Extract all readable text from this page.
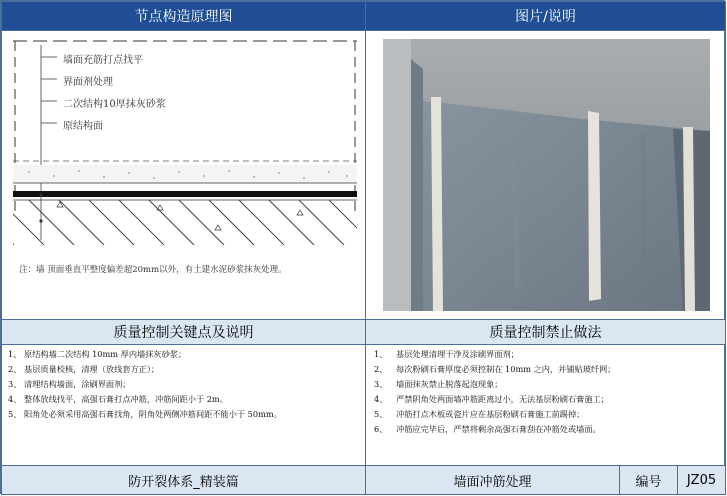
节点构造原理图	图片/说明
墙面充筋打点找平
界面剂处理
二次结构10厚抹灰砂浆
原结构面
注：墙 顶面垂直平整度偏差超20mm以外，有土建水泥砂浆抹灰处理。
质量控制关键点及说明	质量控制禁止做法
1、 原结构墙二次结构 10mm 厚内墙抹灰砂浆；
2、 基层质量校核，清理（放线套方正）；
3、 清理结构墙面，涂刷界面剂；
4、 整体放线找平，高强石膏打点冲筋，冲筋间距小于 2m。
5、 阳角处必须采用高强石膏找角，阴角处两侧冲筋间距不能小于 50mm。
1、 基层处理清理干净及涂刷界面剂；
2、 每次粉刷石膏厚度必须控制在 10mm 之内，并铺贴玻纤网；
3、 墙面抹灰禁止脱落起泡现象；
4、 严禁阴角处两面墙冲筋距离过小，无法基层粉刷石膏施工；
5、 冲筋打点木板或瓷片应在基层粉刷石膏施工前踢掉；
6、 冲筋应完毕后，严禁将剩余高强石膏刮在冲筋处或墙面。
防开裂体系_精装篇	墙面冲筋处理	编号 JZ05
